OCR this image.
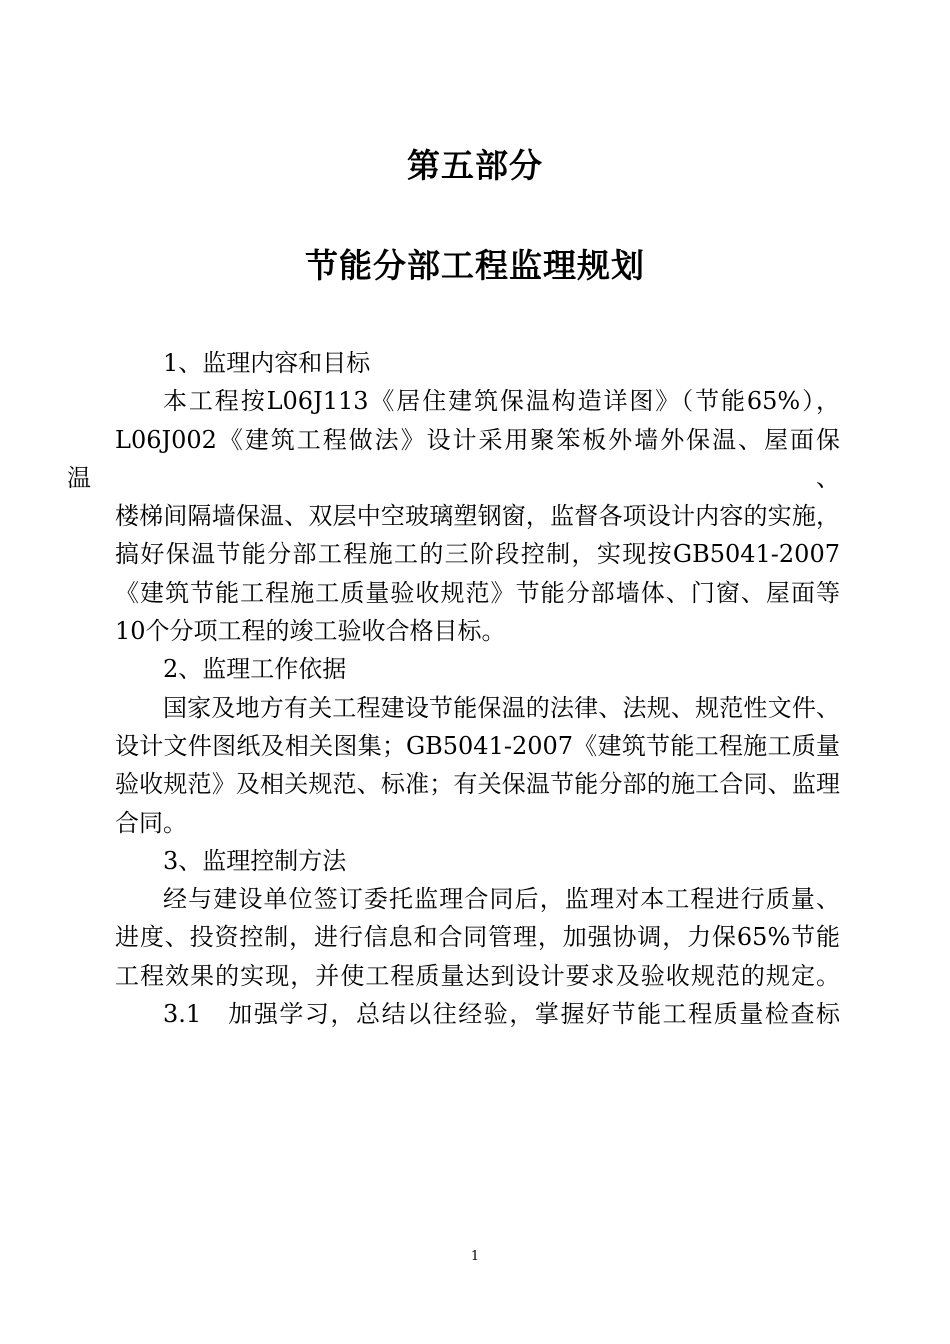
第五部分
节能分部工程监理规划

1、监理内容和目标

本工程按L06J113《居住建筑保温构造详图》（节能65%），
L06J002《建筑工程做法》设计采用聚笨板外墙外保温、屋面保温、
楼梯间隔墙保温、双层中空玻璃塑钢窗，监督各项设计内容的实施，
搞好保温节能分部工程施工的三阶段控制，实现按GB5041-2007
《建筑节能工程施工质量验收规范》节能分部墙体、门窗、屋面等
10个分项工程的竣工验收合格目标。

2、监理工作依据

国家及地方有关工程建设节能保温的法律、法规、规范性文件、
设计文件图纸及相关图集；GB5041-2007《建筑节能工程施工质量
验收规范》及相关规范、标准；有关保温节能分部的施工合同、监理
合同。

3、监理控制方法

经与建设单位签订委托监理合同后，监理对本工程进行质量、
进度、投资控制，进行信息和合同管理，加强协调，力保65%节能
工程效果的实现，并使工程质量达到设计要求及验收规范的规定。

3.1　加强学习，总结以往经验，掌握好节能工程质量检查标

1
